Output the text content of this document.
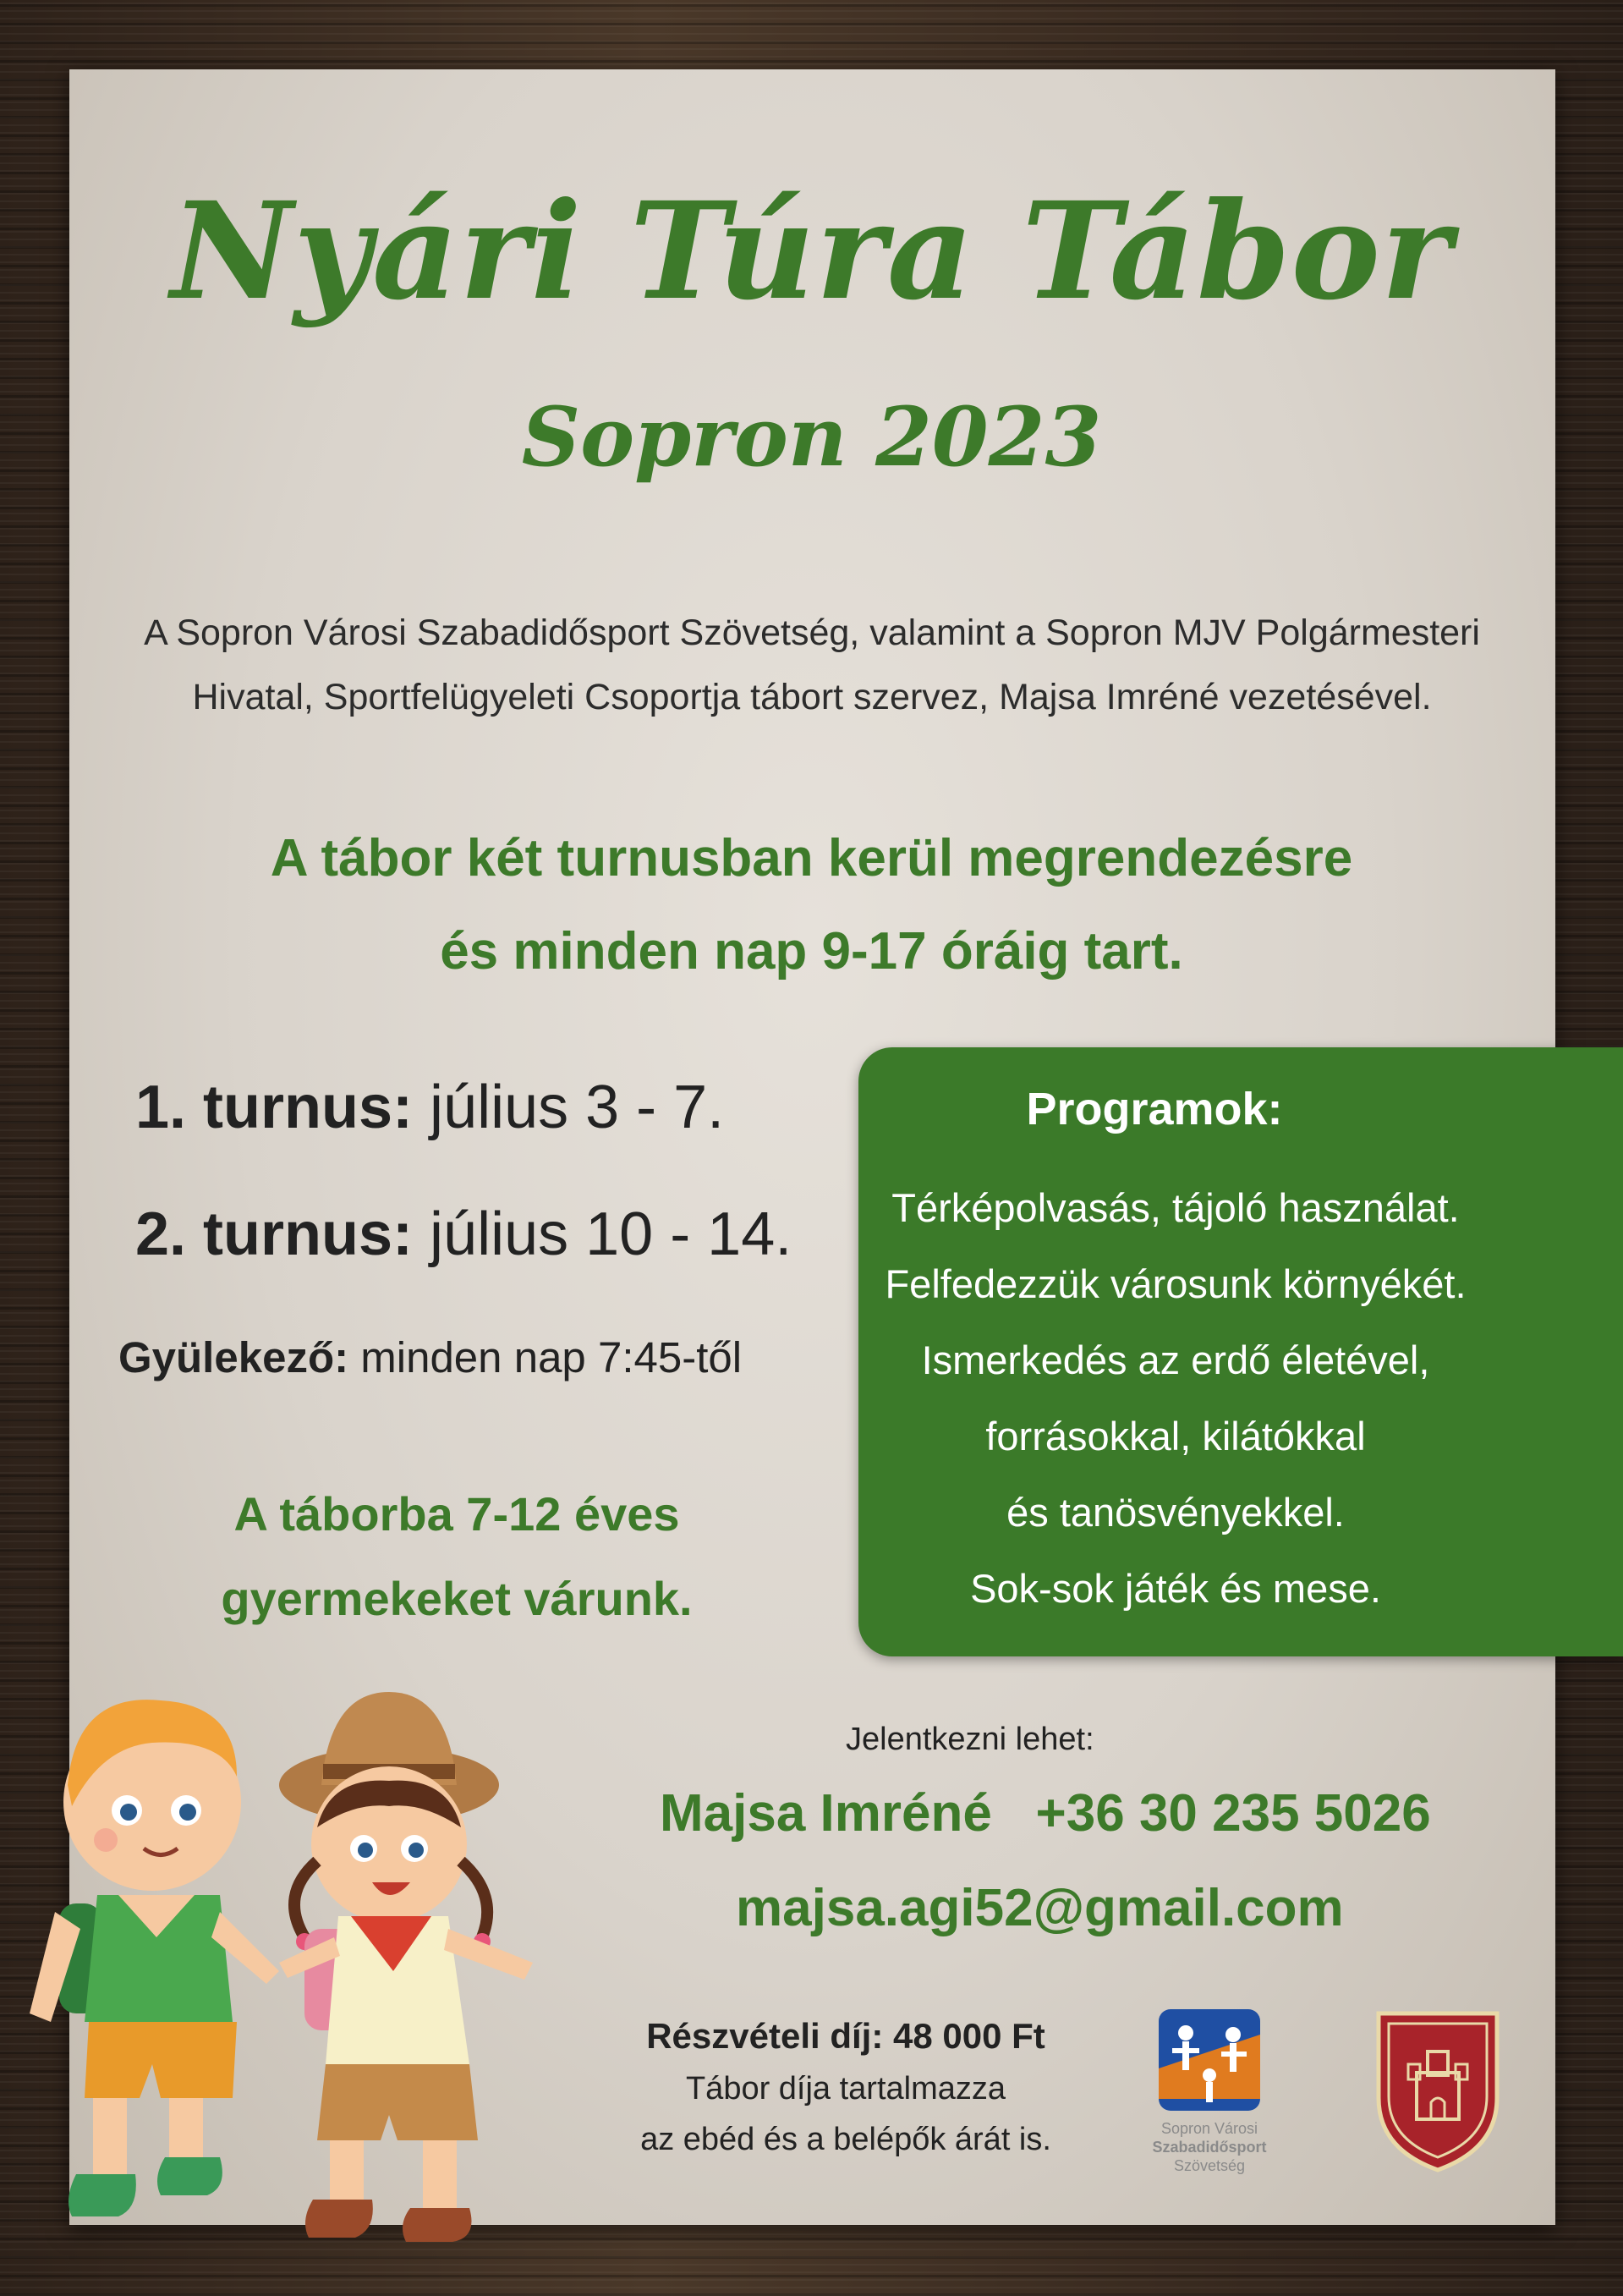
Nyári Túra Tábor
Sopron 2023

A Sopron Városi Szabadidősport Szövetség, valamint a Sopron MJV Polgármesteri
Hivatal, Sportfelügyeleti Csoportja tábort szervez, Majsa Imréné vezetésével.

A tábor két turnusban kerül megrendezésre
és minden nap 9-17 óráig tart.

1. turnus: július 3 - 7.
2. turnus: július 10 - 14.
Gyülekező: minden nap 7:45-től
A táborba 7-12 éves
gyermekeket várunk.
Programok:
Térképolvasás, tájoló használat.
Felfedezzük városunk környékét.
Ismerkedés az erdő életével,
forrásokkal, kilátókkal
és tanösvényekkel.
Sok-sok játék és mese.
Jelentkezni lehet:
Majsa Imréné +36 30 235 5026
majsa.agi52@gmail.com
Részvételi díj: 48 000 Ft
Tábor díja tartalmazza
az ebéd és a belépők árát is.	Sopron Városi
Szabadidősport
Szövetség
